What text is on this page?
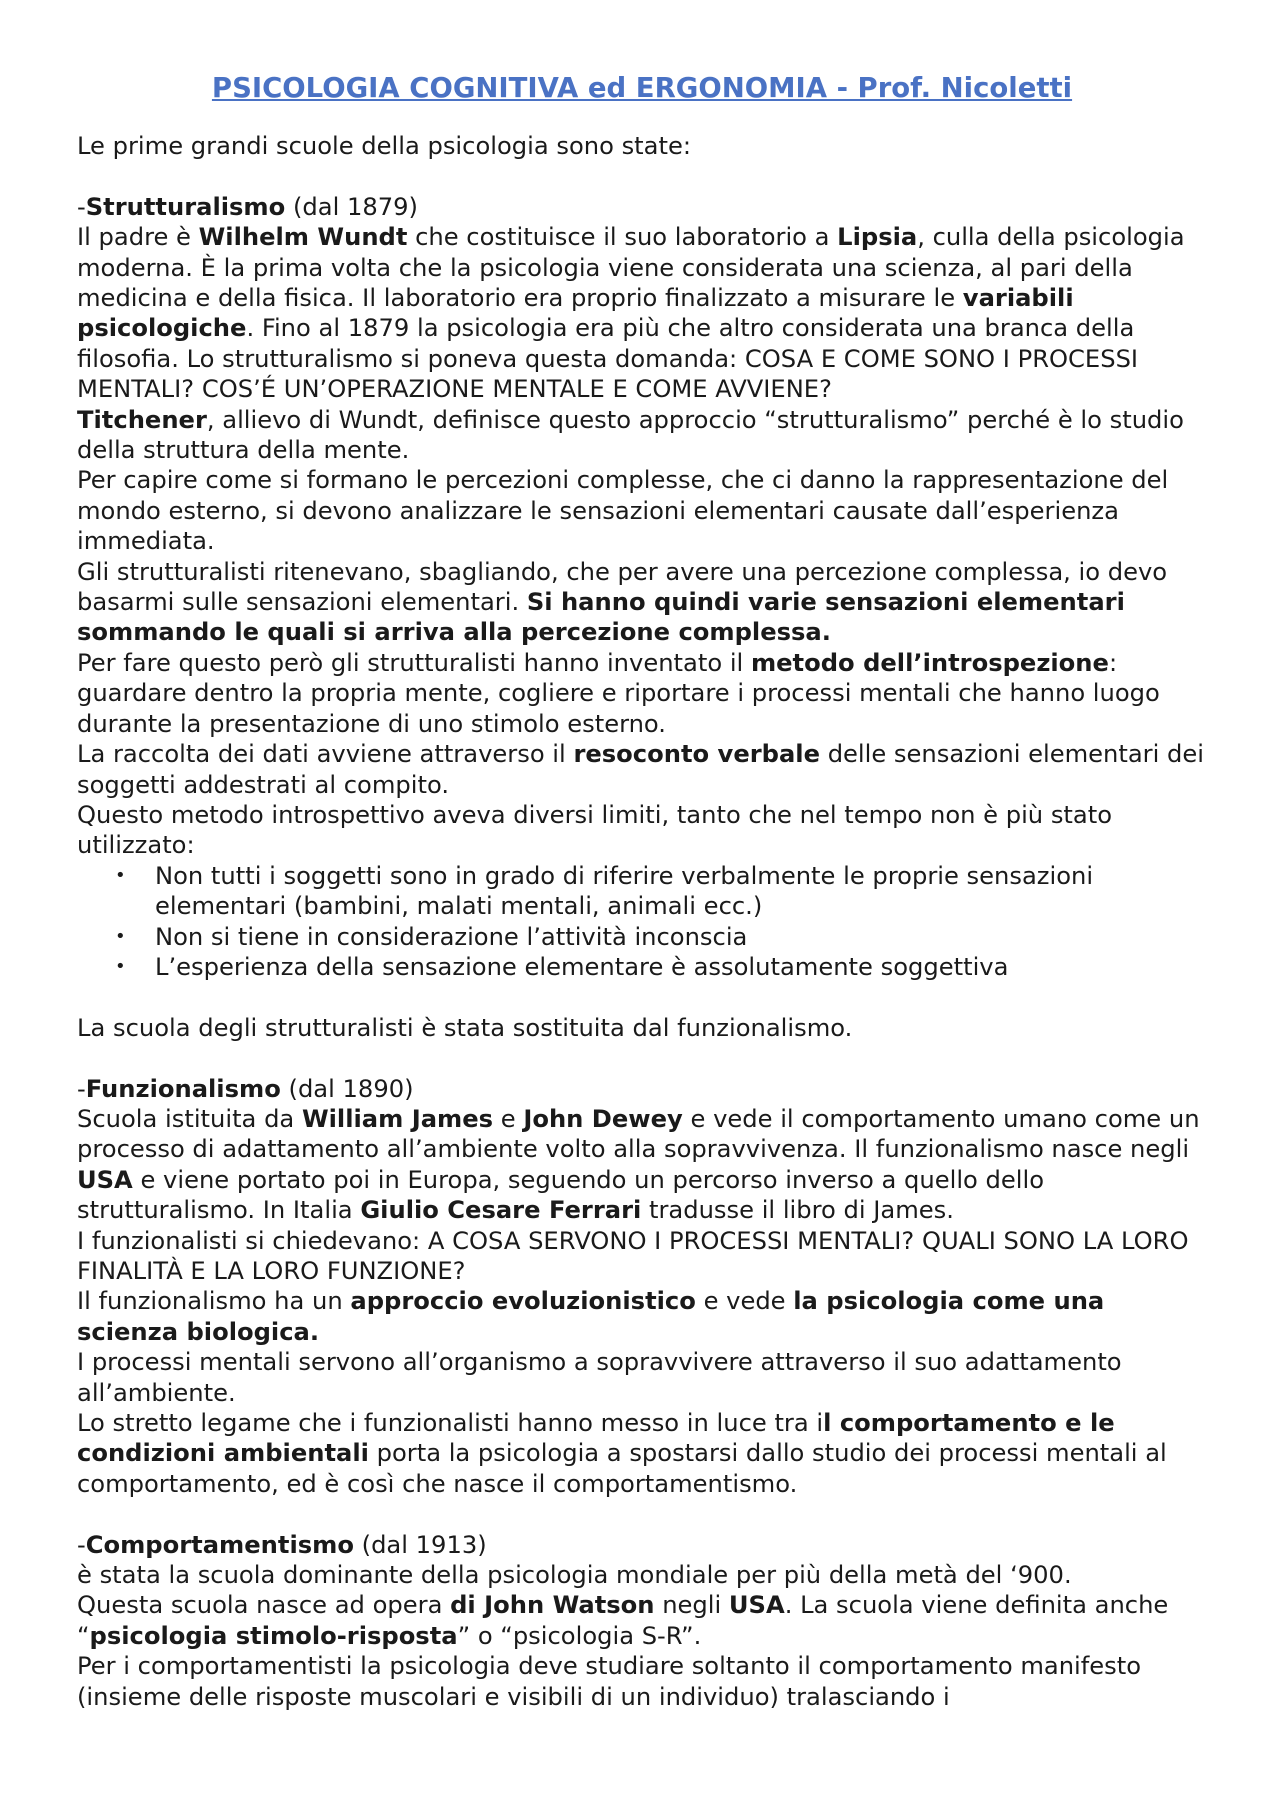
PSICOLOGIA COGNITIVA ed ERGONOMIA - Prof. Nicoletti

Le prime grandi scuole della psicologia sono state:

-Strutturalismo (dal 1879)

Il padre è Wilhelm Wundt che costituisce il suo laboratorio a Lipsia, culla della psicologia moderna. È la prima volta che la psicologia viene considerata una scienza, al pari della medicina e della fisica. Il laboratorio era proprio finalizzato a misurare le variabili psicologiche. Fino al 1879 la psicologia era più che altro considerata una branca della filosofia. Lo strutturalismo si poneva questa domanda: COSA E COME SONO I PROCESSI MENTALI? COS’É UN’OPERAZIONE MENTALE E COME AVVIENE?

Titchener, allievo di Wundt, definisce questo approccio “strutturalismo” perché è lo studio della struttura della mente.

Per capire come si formano le percezioni complesse, che ci danno la rappresentazione del mondo esterno, si devono analizzare le sensazioni elementari causate dall’esperienza immediata.

Gli strutturalisti ritenevano, sbagliando, che per avere una percezione complessa, io devo basarmi sulle sensazioni elementari. Si hanno quindi varie sensazioni elementari sommando le quali si arriva alla percezione complessa.

Per fare questo però gli strutturalisti hanno inventato il metodo dell’introspezione: guardare dentro la propria mente, cogliere e riportare i processi mentali che hanno luogo durante la presentazione di uno stimolo esterno.

La raccolta dei dati avviene attraverso il resoconto verbale delle sensazioni elementari dei soggetti addestrati al compito.

Questo metodo introspettivo aveva diversi limiti, tanto che nel tempo non è più stato utilizzato:

• Non tutti i soggetti sono in grado di riferire verbalmente le proprie sensazioni elementari (bambini, malati mentali, animali ecc.)
• Non si tiene in considerazione l’attività inconscia
• L’esperienza della sensazione elementare è assolutamente soggettiva

La scuola degli strutturalisti è stata sostituita dal funzionalismo.

-Funzionalismo (dal 1890)

Scuola istituita da William James e John Dewey e vede il comportamento umano come un processo di adattamento all’ambiente volto alla sopravvivenza. Il funzionalismo nasce negli USA e viene portato poi in Europa, seguendo un percorso inverso a quello dello strutturalismo. In Italia Giulio Cesare Ferrari tradusse il libro di James.

I funzionalisti si chiedevano: A COSA SERVONO I PROCESSI MENTALI? QUALI SONO LA LORO FINALITÀ E LA LORO FUNZIONE?

Il funzionalismo ha un approccio evoluzionistico e vede la psicologia come una scienza biologica.

I processi mentali servono all’organismo a sopravvivere attraverso il suo adattamento all’ambiente.

Lo stretto legame che i funzionalisti hanno messo in luce tra il comportamento e le condizioni ambientali porta la psicologia a spostarsi dallo studio dei processi mentali al comportamento, ed è così che nasce il comportamentismo.

-Comportamentismo (dal 1913)

è stata la scuola dominante della psicologia mondiale per più della metà del ‘900.

Questa scuola nasce ad opera di John Watson negli USA. La scuola viene definita anche “psicologia stimolo-risposta” o “psicologia S-R”.

Per i comportamentisti la psicologia deve studiare soltanto il comportamento manifesto (insieme delle risposte muscolari e visibili di un individuo) tralasciando i
